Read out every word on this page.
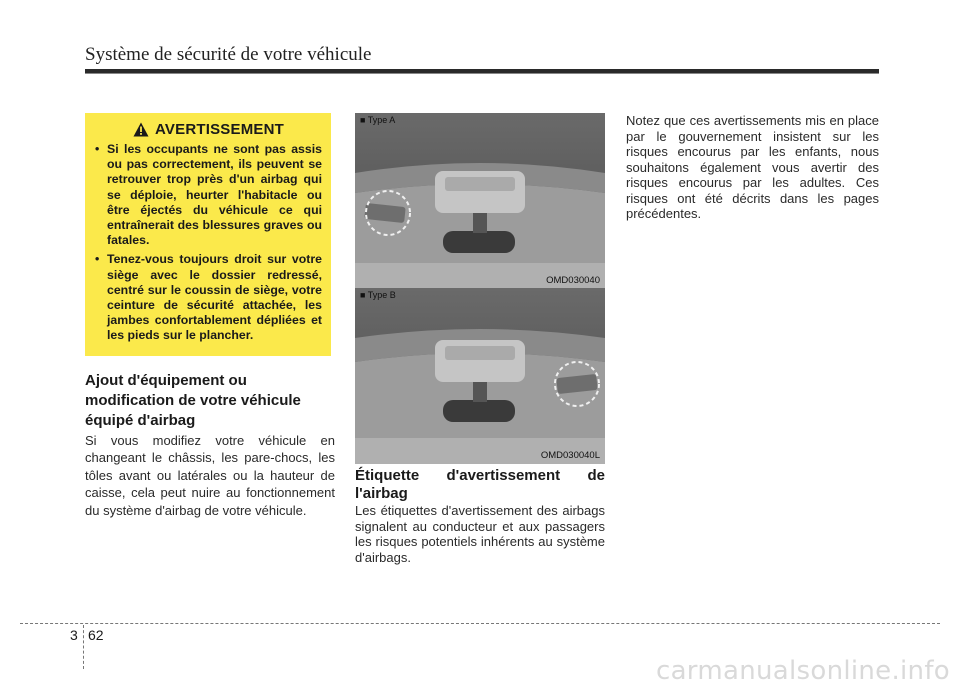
Système de sécurité de votre véhicule
AVERTISSEMENT
• Si les occupants ne sont pas assis ou pas correctement, ils peuvent se retrouver trop près d'un airbag qui se déploie, heurter l'habitacle ou être éjectés du véhicule ce qui entraînerait des blessures graves ou fatales.
• Tenez-vous toujours droit sur votre siège avec le dossier redressé, centré sur le coussin de siège, votre ceinture de sécurité attachée, les jambes confortablement dépliées et les pieds sur le plancher.
Ajout d'équipement ou modification de votre véhicule équipé d'airbag
Si vous modifiez votre véhicule en changeant le châssis, les pare-chocs, les tôles avant ou latérales ou la hauteur de caisse, cela peut nuire au fonctionnement du système d'airbag de votre véhicule.
■ Type A
OMD030040
■ Type B
OMD030040L
Étiquette d'avertissement de
l'airbag
Les étiquettes d'avertissement des airbags signalent au conducteur et aux passagers les risques potentiels inhérents au système d'airbags.
Notez que ces avertissements mis en place par le gouvernement insistent sur les risques encourus par les enfants, nous souhaitons également vous avertir des risques encourus par les adultes. Ces risques ont été décrits dans les pages précédentes.
3 62
carmanualsonline.info
